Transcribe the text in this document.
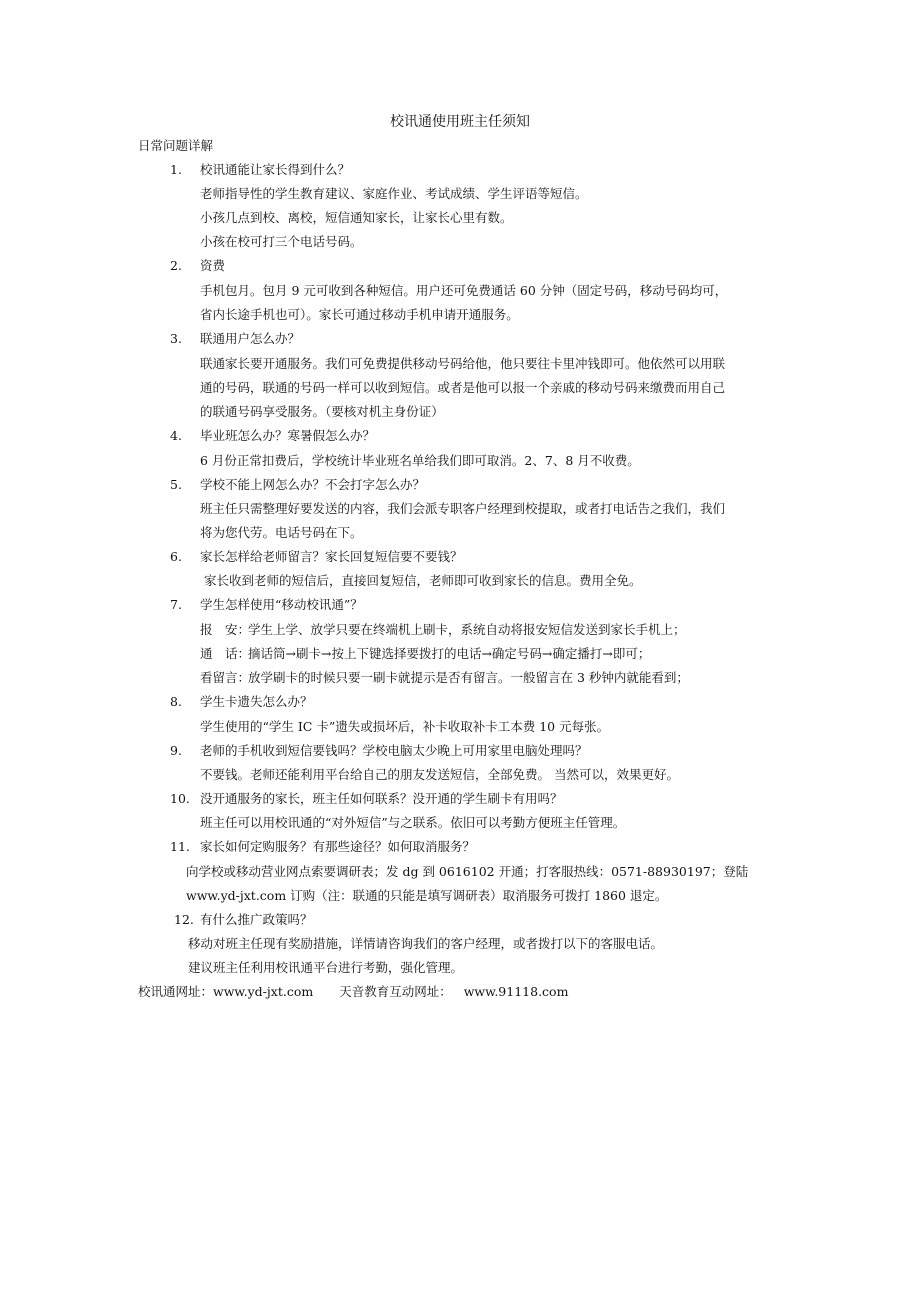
校讯通使用班主任须知
日常问题详解
1.	校讯通能让家长得到什么？
老师指导性的学生教育建议、家庭作业、考试成绩、学生评语等短信。
小孩几点到校、离校，短信通知家长，让家长心里有数。
小孩在校可打三个电话号码。
2.	资费
手机包月。包月 9 元可收到各种短信。用户还可免费通话 60 分钟（固定号码，移动号码均可，
省内长途手机也可）。家长可通过移动手机申请开通服务。
3.	联通用户怎么办？
联通家长要开通服务。我们可免费提供移动号码给他，他只要往卡里冲钱即可。他依然可以用联
通的号码，联通的号码一样可以收到短信。或者是他可以报一个亲戚的移动号码来缴费而用自己
的联通号码享受服务。（要核对机主身份证）
4.	毕业班怎么办？寒暑假怎么办？
6 月份正常扣费后，学校统计毕业班名单给我们即可取消。2、7、8 月不收费。
5.	学校不能上网怎么办？不会打字怎么办？
班主任只需整理好要发送的内容，我们会派专职客户经理到校提取，或者打电话告之我们，我们
将为您代劳。电话号码在下。
6.	家长怎样给老师留言？家长回复短信要不要钱？
家长收到老师的短信后，直接回复短信，老师即可收到家长的信息。费用全免。
7.	学生怎样使用“移动校讯通”？
报　安：学生上学、放学只要在终端机上刷卡，系统自动将报安短信发送到家长手机上；
通　话：摘话筒→刷卡→按上下键选择要拨打的电话→确定号码→确定播打→即可；
看留言：放学刷卡的时候只要一刷卡就提示是否有留言。一般留言在 3 秒钟内就能看到；
8.	学生卡遗失怎么办？
学生使用的“学生 IC 卡”遗失或损坏后，补卡收取补卡工本费 10 元每张。
9.	老师的手机收到短信要钱吗？学校电脑太少晚上可用家里电脑处理吗？
不要钱。老师还能利用平台给自己的朋友发送短信，全部免费。 当然可以，效果更好。
10. 没开通服务的家长，班主任如何联系？没开通的学生刷卡有用吗？
班主任可以用校讯通的“对外短信”与之联系。依旧可以考勤方便班主任管理。
11. 家长如何定购服务？有那些途径？如何取消服务？
向学校或移动营业网点索要调研表；发 dg 到 0616102 开通；打客服热线：0571-88930197；登陆
www.yd-jxt.com 订购（注：联通的只能是填写调研表）取消服务可拨打 1860 退定。
12. 有什么推广政策吗？
移动对班主任现有奖励措施，详情请咨询我们的客户经理，或者拨打以下的客服电话。
建议班主任利用校讯通平台进行考勤，强化管理。
校讯通网址：www.yd-jxt.com 天音教育互动网址： www.91118.com
